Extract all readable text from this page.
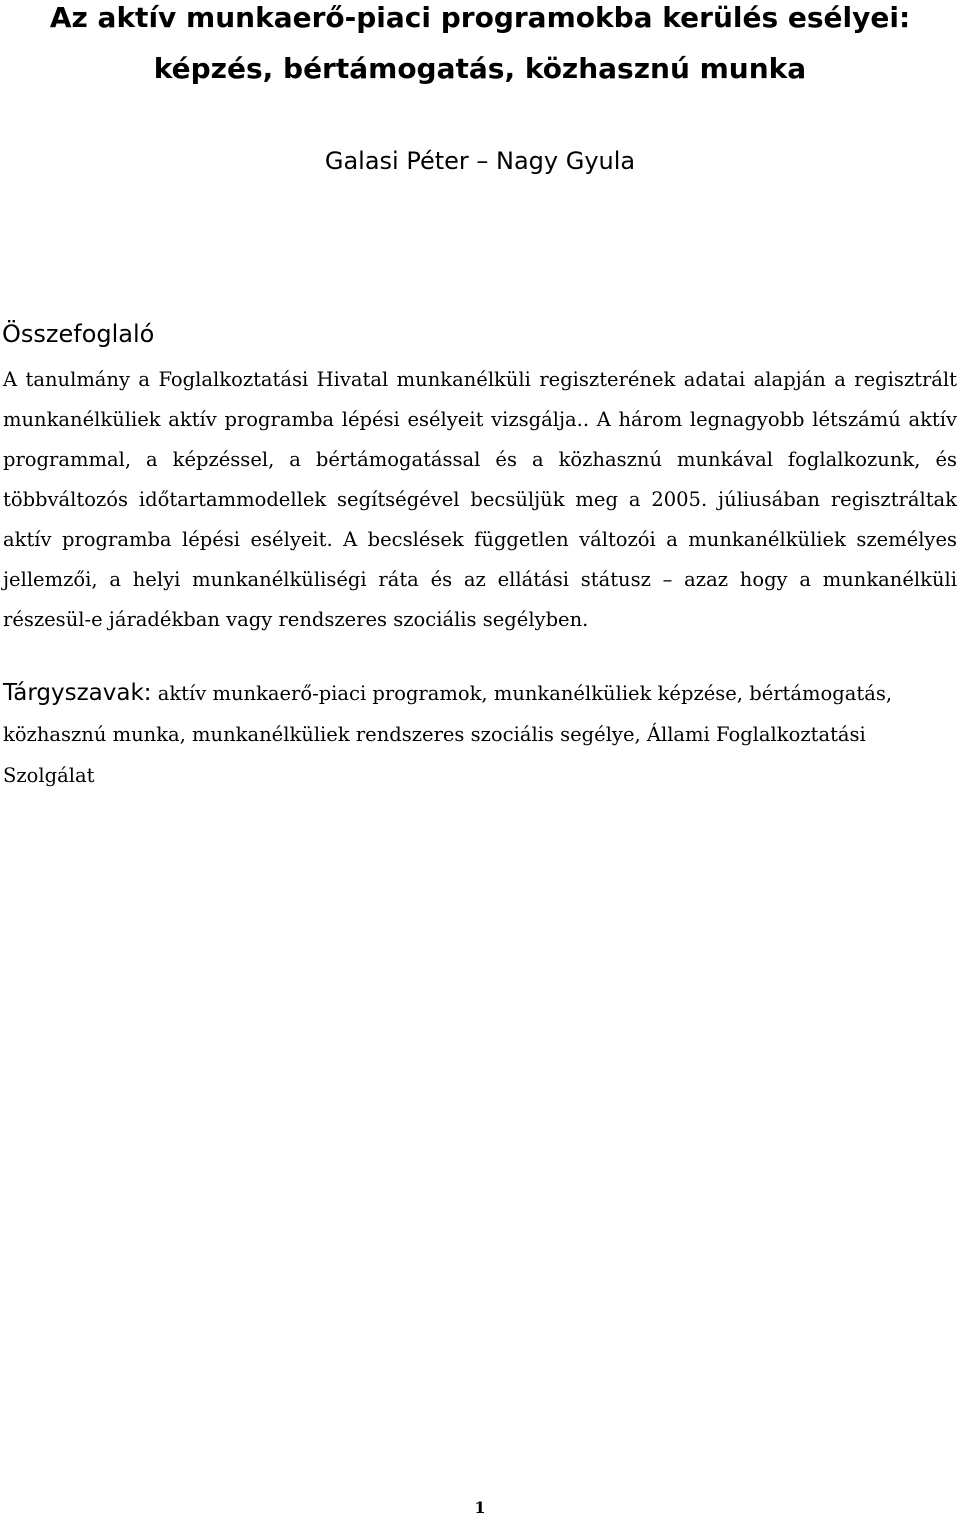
Az aktív munkaerő-piaci programokba kerülés esélyei:
képzés, bértámogatás, közhasznú munka
Galasi Péter – Nagy Gyula
Összefoglaló

A tanulmány a Foglalkoztatási Hivatal munkanélküli regiszterének adatai alapján a regisztrált munkanélküliek aktív programba lépési esélyeit vizsgálja.. A három legnagyobb létszámú aktív programmal, a képzéssel, a bértámogatással és a közhasznú munkával foglalkozunk, és többváltozós időtartammodellek segítségével becsüljük meg a 2005. júliusában regisztráltak aktív programba lépési esélyeit. A becslések független változói a munkanélküliek személyes jellemzői, a helyi munkanélküliségi ráta és az ellátási státusz – azaz hogy a munkanélküli részesül-e járadékban vagy rendszeres szociális segélyben.

Tárgyszavak: aktív munkaerő-piaci programok, munkanélküliek képzése, bértámogatás, közhasznú munka, munkanélküliek rendszeres szociális segélye, Állami Foglalkoztatási Szolgálat

1
